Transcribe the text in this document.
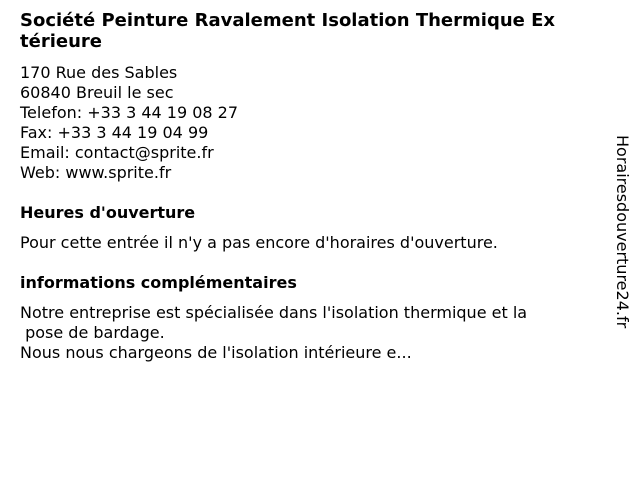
Société Peinture Ravalement Isolation Thermique Ex
térieure
170 Rue des Sables
60840 Breuil le sec
Telefon: +33 3 44 19 08 27
Fax: +33 3 44 19 04 99
Email: contact@sprite.fr
Web: www.sprite.fr
Heures d'ouverture
Pour cette entrée il n'y a pas encore d'horaires d'ouverture.
informations complémentaires
Notre entreprise est spécialisée dans l'isolation thermique et la
pose de bardage.
Nous nous chargeons de l'isolation intérieure e...
Horairesdouverture24.fr
